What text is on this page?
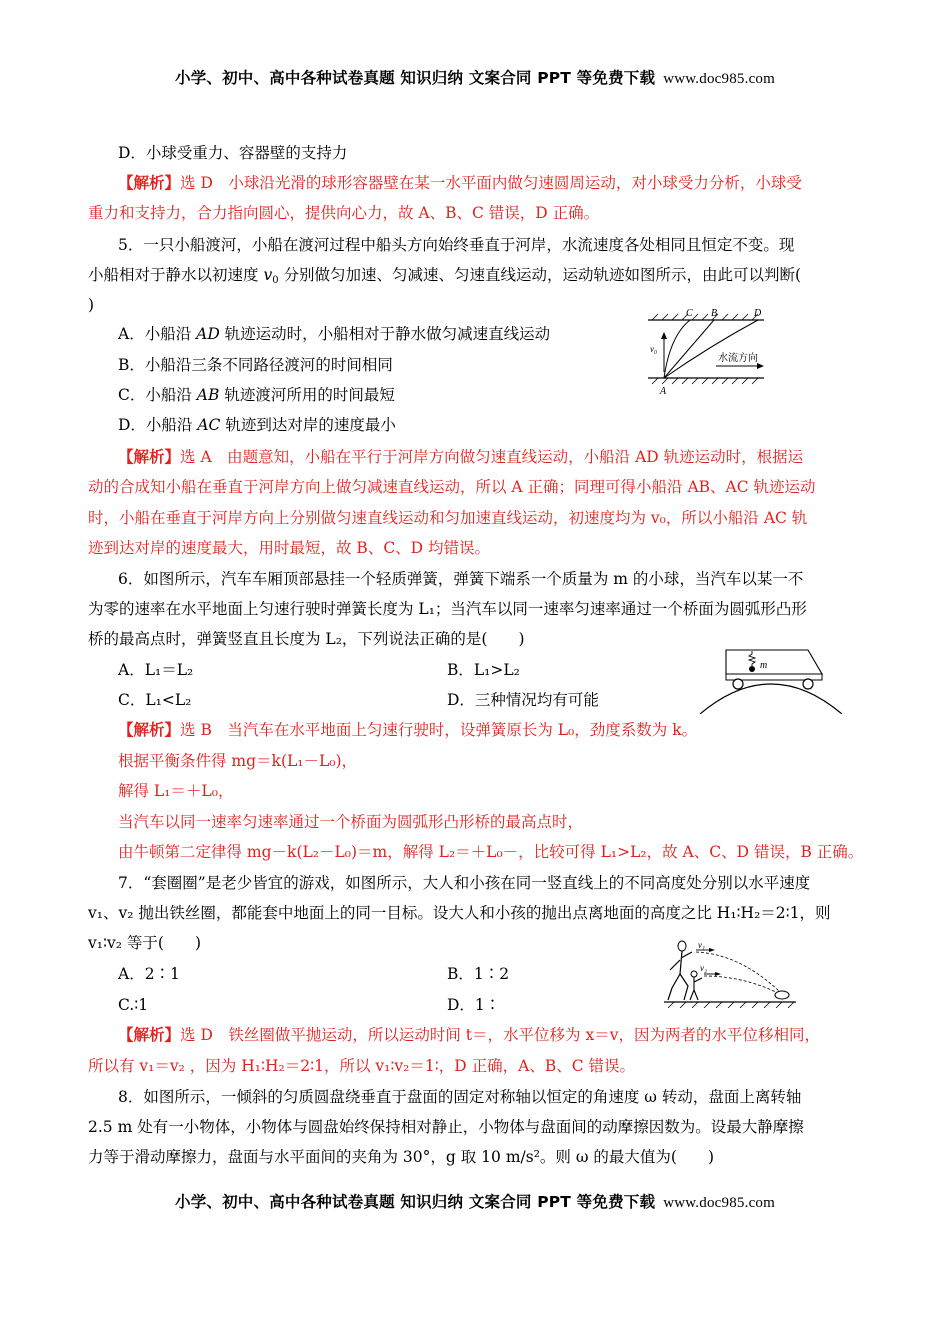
小学、初中、高中各种试卷真题 知识归纳 文案合同 PPT 等免费下载 www.doc985.com
小学、初中、高中各种试卷真题 知识归纳 文案合同 PPT 等免费下载 www.doc985.com
D．小球受重力、容器壁的支持力
【解析】选 D　小球沿光滑的球形容器壁在某一水平面内做匀速圆周运动，对小球受力分析，小球受
重力和支持力，合力指向圆心，提供向心力，故 A、B、C 错误，D 正确。
5．一只小船渡河，小船在渡河过程中船头方向始终垂直于河岸，水流速度各处相同且恒定不变。现
小船相对于静水以初速度 $v_0$ 分别做匀加速、匀减速、匀速直线运动，运动轨迹如图所示，由此可以判断(
)
A．小船沿 AD 轨迹运动时，小船相对于静水做匀减速直线运动
B．小船沿三条不同路径渡河的时间相同
C．小船沿 AB 轨迹渡河所用的时间最短
D．小船沿 AC 轨迹到达对岸的速度最小
C B	D
A
v₀
水流方向
【解析】选 A　由题意知，小船在平行于河岸方向做匀速直线运动，小船沿 AD 轨迹运动时，根据运
动的合成知小船在垂直于河岸方向上做匀减速直线运动，所以 A 正确；同理可得小船沿 AB、AC 轨迹运动
时，小船在垂直于河岸方向上分别做匀速直线运动和匀加速直线运动，初速度均为 v₀，所以小船沿 AC 轨
迹到达对岸的速度最大，用时最短，故 B、C、D 均错误。
6．如图所示，汽车车厢顶部悬挂一个轻质弹簧，弹簧下端系一个质量为 m 的小球，当汽车以某一不
为零的速率在水平地面上匀速行驶时弹簧长度为 L₁；当汽车以同一速率匀速率通过一个桥面为圆弧形凸形
桥的最高点时，弹簧竖直且长度为 L₂，下列说法正确的是(　　)
A．L₁＝L₂	B．L₁>L₂
C．L₁<L₂	D．三种情况均有可能
m
【解析】选 B　当汽车在水平地面上匀速行驶时，设弹簧原长为 L₀，劲度系数为 k。
根据平衡条件得 mg＝k(L₁－L₀)，
解得 L₁＝＋L₀，
当汽车以同一速率匀速率通过一个桥面为圆弧形凸形桥的最高点时，
由牛顿第二定律得 mg－k(L₂－L₀)＝m，解得 L₂＝＋L₀－，比较可得 L₁>L₂，故 A、C、D 错误，B 正确。
7．“套圈圈”是老少皆宜的游戏，如图所示，大人和小孩在同一竖直线上的不同高度处分别以水平速度
v₁、v₂ 抛出铁丝圈，都能套中地面上的同一目标。设大人和小孩的抛出点离地面的高度之比 H₁∶H₂＝2∶1，则
v₁∶v₂ 等于(　　)
A．2∶1	B．1∶2
C.∶1	D．1∶
v₁
v₂
【解析】选 D　铁丝圈做平抛运动，所以运动时间 t＝，水平位移为 x＝v，因为两者的水平位移相同，
所以有 v₁＝v₂ ，因为 H₁∶H₂＝2∶1，所以 v₁∶v₂＝1∶，D 正确，A、B、C 错误。
8．如图所示，一倾斜的匀质圆盘绕垂直于盘面的固定对称轴以恒定的角速度 ω 转动，盘面上离转轴
2.5 m 处有一小物体，小物体与圆盘始终保持相对静止，小物体与盘面间的动摩擦因数为。设最大静摩擦
力等于滑动摩擦力，盘面与水平面间的夹角为 30°，g 取 10 m/s²。则 ω 的最大值为(　　)
